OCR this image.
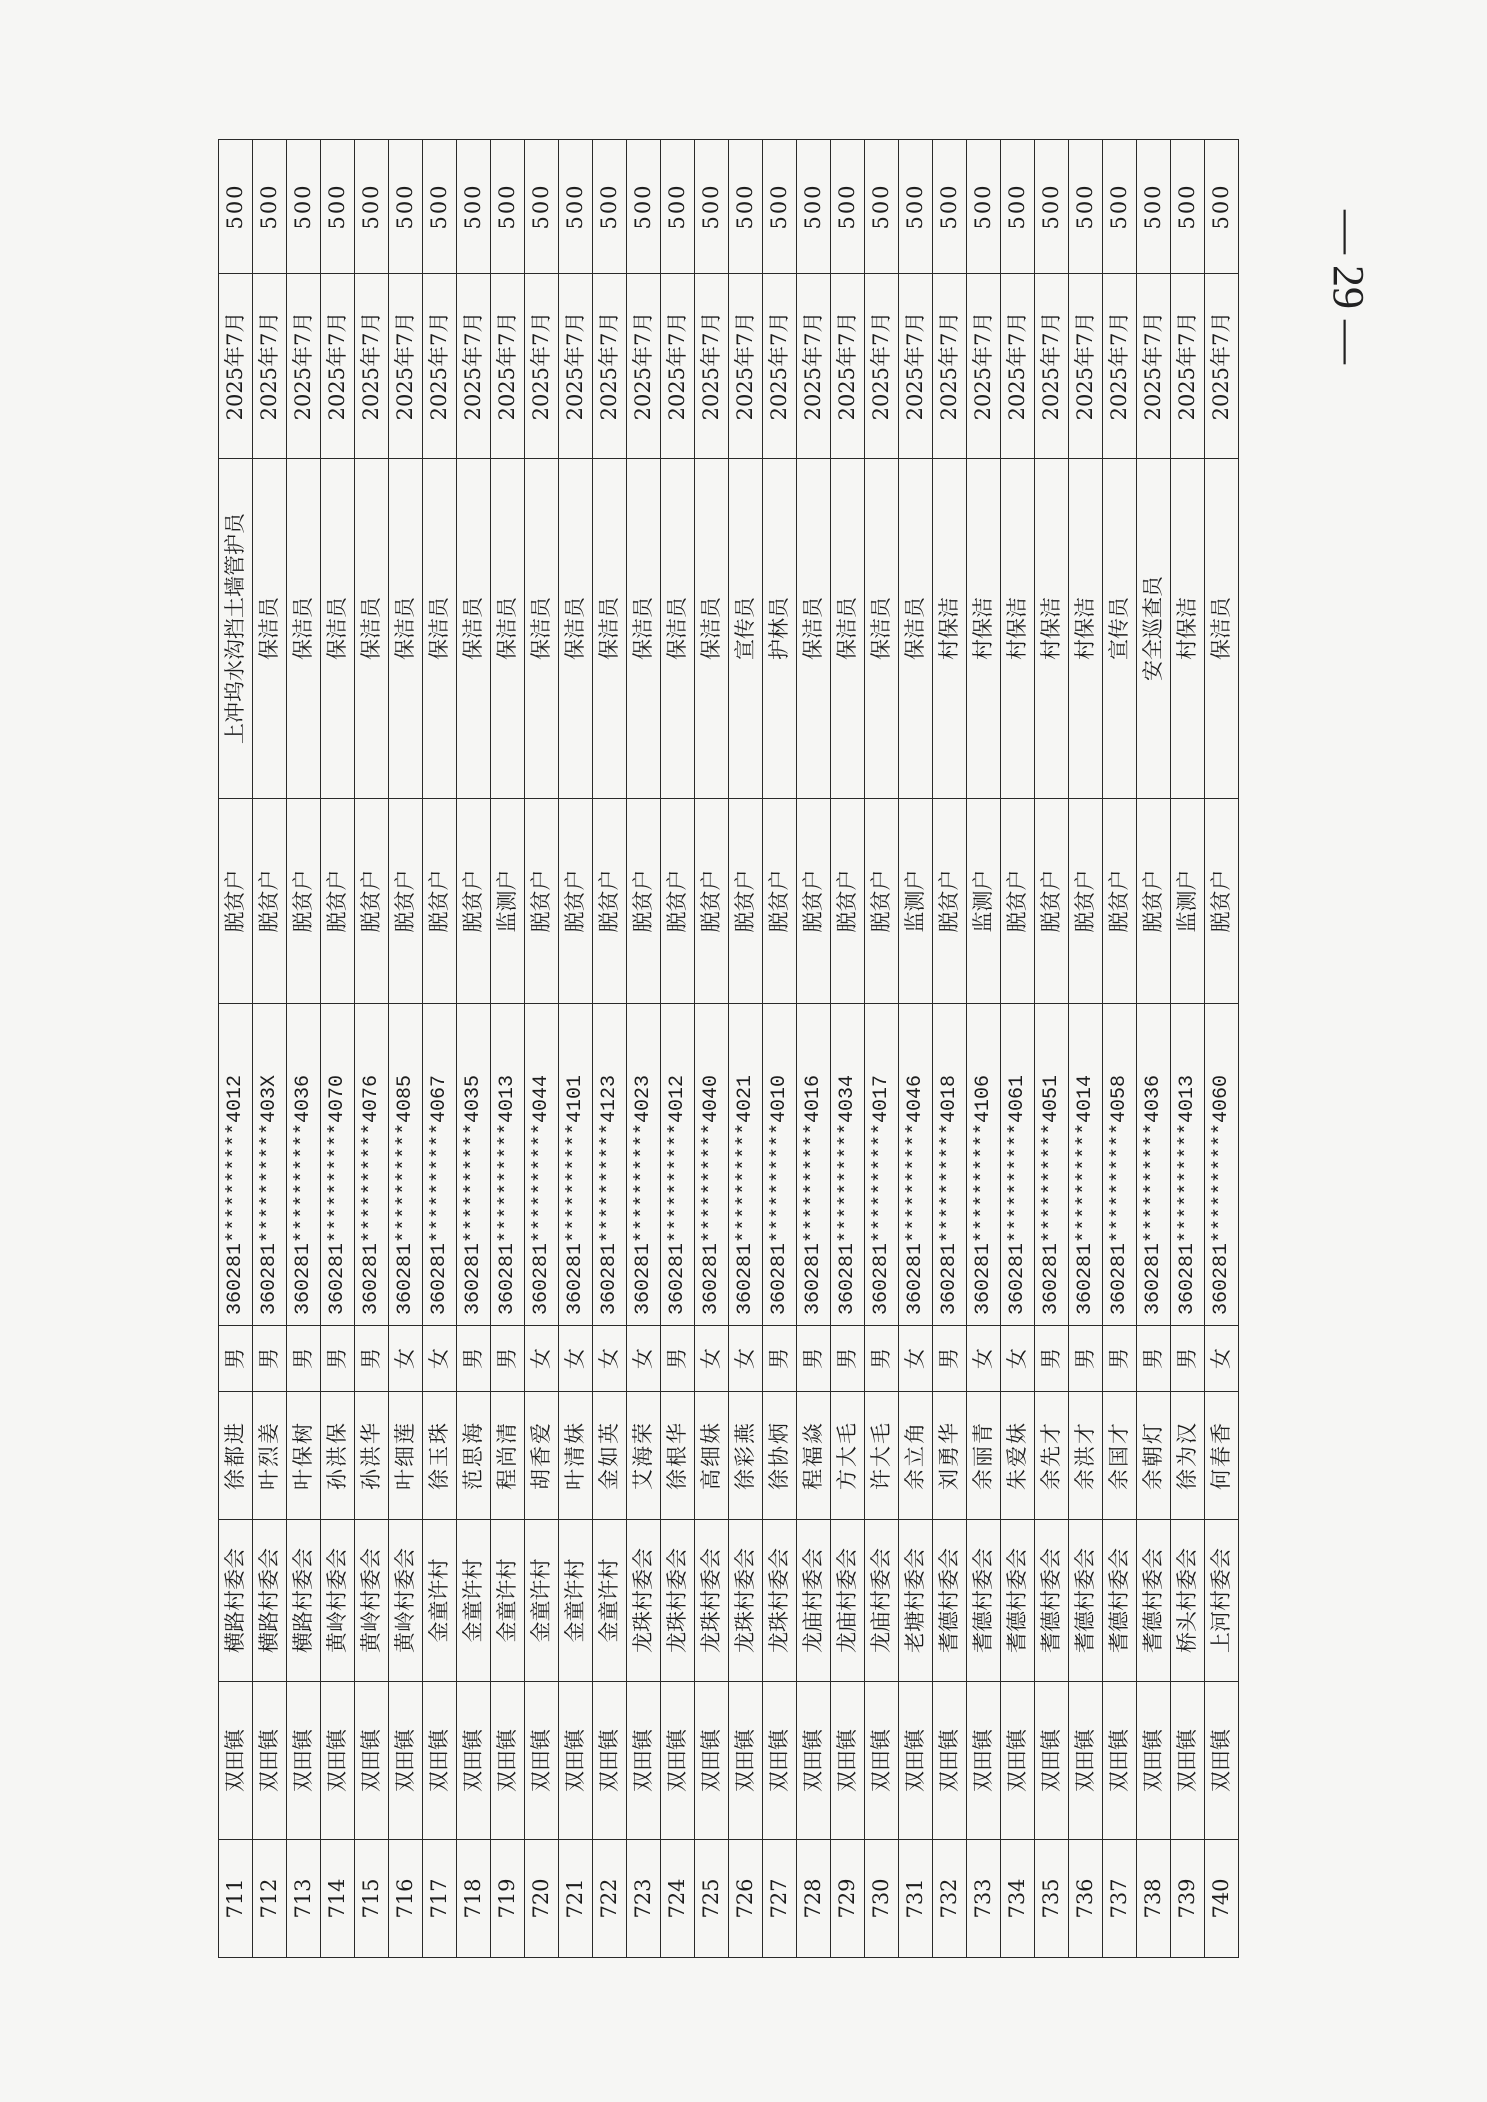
— 29 —
711	双田镇	横路村委会	徐都进	男	360281**********4012	脱贫户	上冲坞水沟挡土墙管护员	2025年7月	500
712	双田镇	横路村委会	叶烈姜	男	360281**********403X	脱贫户	保洁员	2025年7月	500
713	双田镇	横路村委会	叶保树	男	360281**********4036	脱贫户	保洁员	2025年7月	500
714	双田镇	黄岭村委会	孙洪保	男	360281**********4070	脱贫户	保洁员	2025年7月	500
715	双田镇	黄岭村委会	孙洪华	男	360281**********4076	脱贫户	保洁员	2025年7月	500
716	双田镇	黄岭村委会	叶细莲	女	360281**********4085	脱贫户	保洁员	2025年7月	500
717	双田镇	金童许村	徐玉珠	女	360281**********4067	脱贫户	保洁员	2025年7月	500
718	双田镇	金童许村	范思海	男	360281**********4035	脱贫户	保洁员	2025年7月	500
719	双田镇	金童许村	程尚清	男	360281**********4013	监测户	保洁员	2025年7月	500
720	双田镇	金童许村	胡香爱	女	360281**********4044	脱贫户	保洁员	2025年7月	500
721	双田镇	金童许村	叶清妹	女	360281**********4101	脱贫户	保洁员	2025年7月	500
722	双田镇	金童许村	金如英	女	360281**********4123	脱贫户	保洁员	2025年7月	500
723	双田镇	龙珠村委会	艾海荣	女	360281**********4023	脱贫户	保洁员	2025年7月	500
724	双田镇	龙珠村委会	徐根华	男	360281**********4012	脱贫户	保洁员	2025年7月	500
725	双田镇	龙珠村委会	高细妹	女	360281**********4040	脱贫户	保洁员	2025年7月	500
726	双田镇	龙珠村委会	徐彩燕	女	360281**********4021	脱贫户	宣传员	2025年7月	500
727	双田镇	龙珠村委会	徐协炳	男	360281**********4010	脱贫户	护林员	2025年7月	500
728	双田镇	龙庙村委会	程福焱	男	360281**********4016	脱贫户	保洁员	2025年7月	500
729	双田镇	龙庙村委会	方大毛	男	360281**********4034	脱贫户	保洁员	2025年7月	500
730	双田镇	龙庙村委会	许大毛	男	360281**********4017	脱贫户	保洁员	2025年7月	500
731	双田镇	老塘村委会	余立角	女	360281**********4046	监测户	保洁员	2025年7月	500
732	双田镇	耆德村委会	刘勇华	男	360281**********4018	脱贫户	村保洁	2025年7月	500
733	双田镇	耆德村委会	余丽青	女	360281**********4106	监测户	村保洁	2025年7月	500
734	双田镇	耆德村委会	朱爱妹	女	360281**********4061	脱贫户	村保洁	2025年7月	500
735	双田镇	耆德村委会	余先才	男	360281**********4051	脱贫户	村保洁	2025年7月	500
736	双田镇	耆德村委会	余洪才	男	360281**********4014	脱贫户	村保洁	2025年7月	500
737	双田镇	耆德村委会	余国才	男	360281**********4058	脱贫户	宣传员	2025年7月	500
738	双田镇	耆德村委会	余朝灯	男	360281**********4036	脱贫户	安全巡查员	2025年7月	500
739	双田镇	桥头村委会	徐为汉	男	360281**********4013	监测户	村保洁	2025年7月	500
740	双田镇	上河村委会	何春香	女	360281**********4060	脱贫户	保洁员	2025年7月	500
